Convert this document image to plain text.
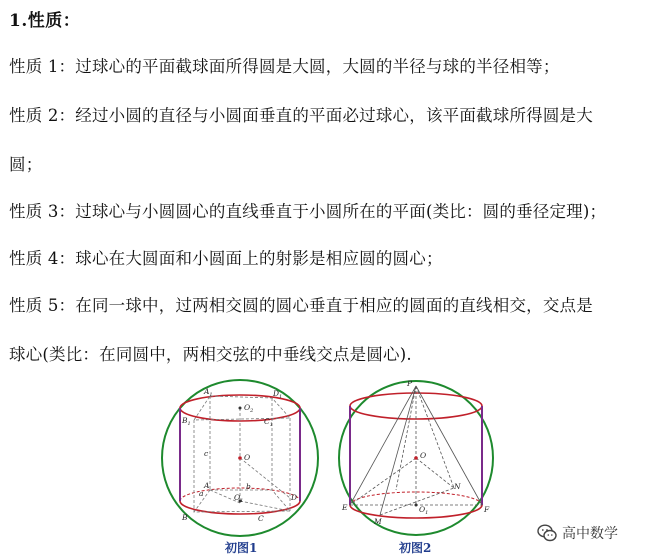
1.性质：
性质 1：过球心的平面截球面所得圆是大圆，大圆的半径与球的半径相等；
性质 2：经过小圆的直径与小圆面垂直的平面必过球心，该平面截球所得圆是大
圆；
性质 3：过球心与小圆圆心的直线垂直于小圆所在的平面(类比：圆的垂径定理)；
性质 4：球心在大圆面和小圆面上的射影是相应圆的圆心；
性质 5：在同一球中，过两相交圆的圆心垂直于相应的圆面的直线相交，交点是
球心(类比：在同圆中，两相交弦的中垂线交点是圆心).
$A_1$	$D_1$
$B_1$	$C_1$
$O_2$
O
c
A
a
b
$O_1$	D
B	C
P
O
N
E
M
$O_1$	F
初图1	初图2
高中数学
